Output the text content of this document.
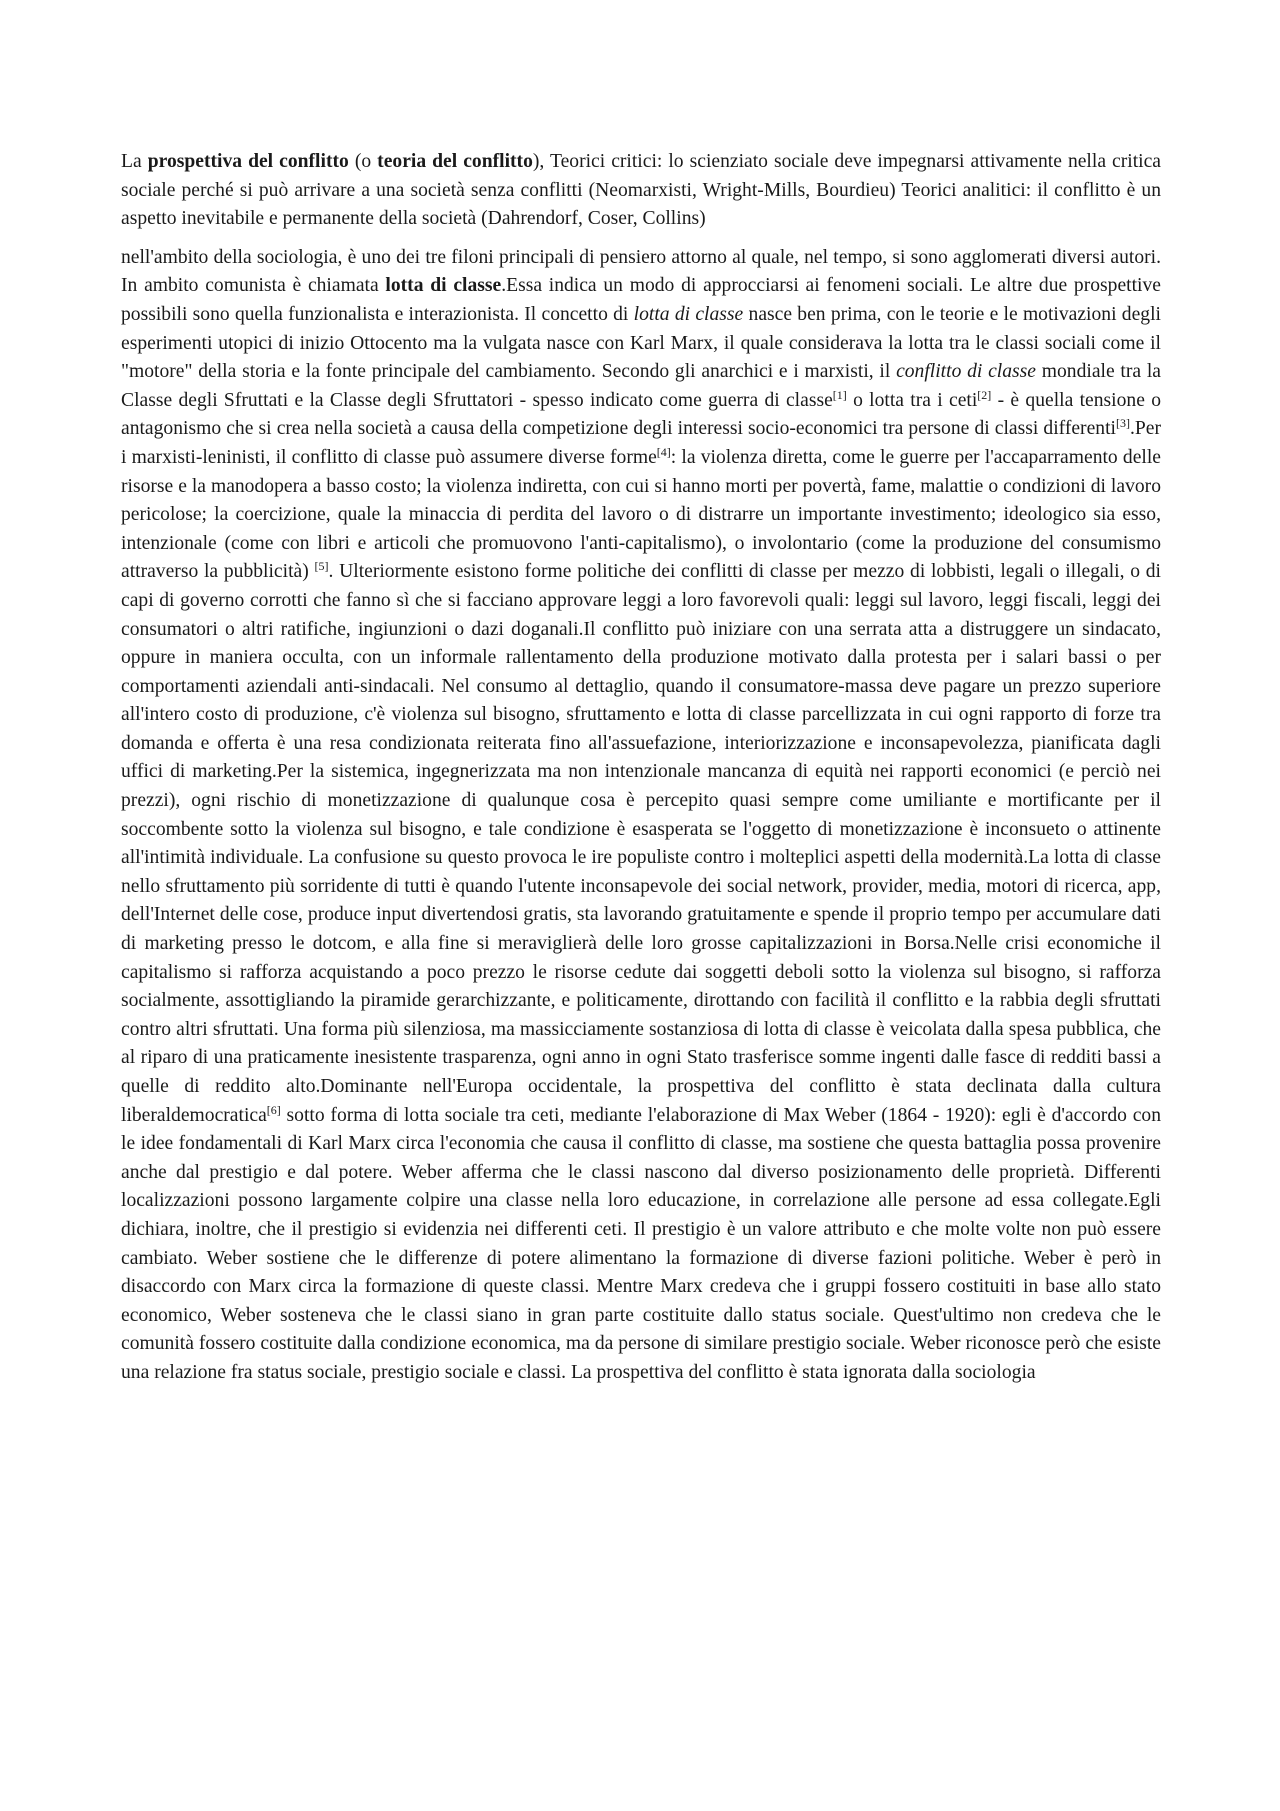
La prospettiva del conflitto (o teoria del conflitto), Teorici critici: lo scienziato sociale deve impegnarsi attivamente nella critica sociale perché si può arrivare a una società senza conflitti (Neomarxisti, Wright-Mills, Bourdieu) Teorici analitici: il conflitto è un aspetto inevitabile e permanente della società (Dahrendorf, Coser, Collins)

nell'ambito della sociologia, è uno dei tre filoni principali di pensiero attorno al quale, nel tempo, si sono agglomerati diversi autori. In ambito comunista è chiamata lotta di classe.Essa indica un modo di approcciarsi ai fenomeni sociali. Le altre due prospettive possibili sono quella funzionalista e interazionista. Il concetto di lotta di classe nasce ben prima, con le teorie e le motivazioni degli esperimenti utopici di inizio Ottocento ma la vulgata nasce con Karl Marx, il quale considerava la lotta tra le classi sociali come il "motore" della storia e la fonte principale del cambiamento. Secondo gli anarchici e i marxisti, il conflitto di classe mondiale tra la Classe degli Sfruttati e la Classe degli Sfruttatori - spesso indicato come guerra di classe[1] o lotta tra i ceti[2] - è quella tensione o antagonismo che si crea nella società a causa della competizione degli interessi socio-economici tra persone di classi differenti[3].Per i marxisti-leninisti, il conflitto di classe può assumere diverse forme[4]: la violenza diretta, come le guerre per l'accaparramento delle risorse e la manodopera a basso costo; la violenza indiretta, con cui si hanno morti per povertà, fame, malattie o condizioni di lavoro pericolose; la coercizione, quale la minaccia di perdita del lavoro o di distrarre un importante investimento; ideologico sia esso, intenzionale (come con libri e articoli che promuovono l'anti-capitalismo), o involontario (come la produzione del consumismo attraverso la pubblicità) [5]. Ulteriormente esistono forme politiche dei conflitti di classe per mezzo di lobbisti, legali o illegali, o di capi di governo corrotti che fanno sì che si facciano approvare leggi a loro favorevoli quali: leggi sul lavoro, leggi fiscali, leggi dei consumatori o altri ratifiche, ingiunzioni o dazi doganali.Il conflitto può iniziare con una serrata atta a distruggere un sindacato, oppure in maniera occulta, con un informale rallentamento della produzione motivato dalla protesta per i salari bassi o per comportamenti aziendali anti-sindacali. Nel consumo al dettaglio, quando il consumatore-massa deve pagare un prezzo superiore all'intero costo di produzione, c'è violenza sul bisogno, sfruttamento e lotta di classe parcellizzata in cui ogni rapporto di forze tra domanda e offerta è una resa condizionata reiterata fino all'assuefazione, interiorizzazione e inconsapevolezza, pianificata dagli uffici di marketing.Per la sistemica, ingegnerizzata ma non intenzionale mancanza di equità nei rapporti economici (e perciò nei prezzi), ogni rischio di monetizzazione di qualunque cosa è percepito quasi sempre come umiliante e mortificante per il soccombente sotto la violenza sul bisogno, e tale condizione è esasperata se l'oggetto di monetizzazione è inconsueto o attinente all'intimità individuale. La confusione su questo provoca le ire populiste contro i molteplici aspetti della modernità.La lotta di classe nello sfruttamento più sorridente di tutti è quando l'utente inconsapevole dei social network, provider, media, motori di ricerca, app, dell'Internet delle cose, produce input divertendosi gratis, sta lavorando gratuitamente e spende il proprio tempo per accumulare dati di marketing presso le dotcom, e alla fine si meraviglierà delle loro grosse capitalizzazioni in Borsa.Nelle crisi economiche il capitalismo si rafforza acquistando a poco prezzo le risorse cedute dai soggetti deboli sotto la violenza sul bisogno, si rafforza socialmente, assottigliando la piramide gerarchizzante, e politicamente, dirottando con facilità il conflitto e la rabbia degli sfruttati contro altri sfruttati. Una forma più silenziosa, ma massicciamente sostanziosa di lotta di classe è veicolata dalla spesa pubblica, che al riparo di una praticamente inesistente trasparenza, ogni anno in ogni Stato trasferisce somme ingenti dalle fasce di redditi bassi a quelle di reddito alto.Dominante nell'Europa occidentale, la prospettiva del conflitto è stata declinata dalla cultura liberaldemocratica[6] sotto forma di lotta sociale tra ceti, mediante l'elaborazione di Max Weber (1864 - 1920): egli è d'accordo con le idee fondamentali di Karl Marx circa l'economia che causa il conflitto di classe, ma sostiene che questa battaglia possa provenire anche dal prestigio e dal potere. Weber afferma che le classi nascono dal diverso posizionamento delle proprietà. Differenti localizzazioni possono largamente colpire una classe nella loro educazione, in correlazione alle persone ad essa collegate.Egli dichiara, inoltre, che il prestigio si evidenzia nei differenti ceti. Il prestigio è un valore attributo e che molte volte non può essere cambiato. Weber sostiene che le differenze di potere alimentano la formazione di diverse fazioni politiche. Weber è però in disaccordo con Marx circa la formazione di queste classi. Mentre Marx credeva che i gruppi fossero costituiti in base allo stato economico, Weber sosteneva che le classi siano in gran parte costituite dallo status sociale. Quest'ultimo non credeva che le comunità fossero costituite dalla condizione economica, ma da persone di similare prestigio sociale. Weber riconosce però che esiste una relazione fra status sociale, prestigio sociale e classi. La prospettiva del conflitto è stata ignorata dalla sociologia
